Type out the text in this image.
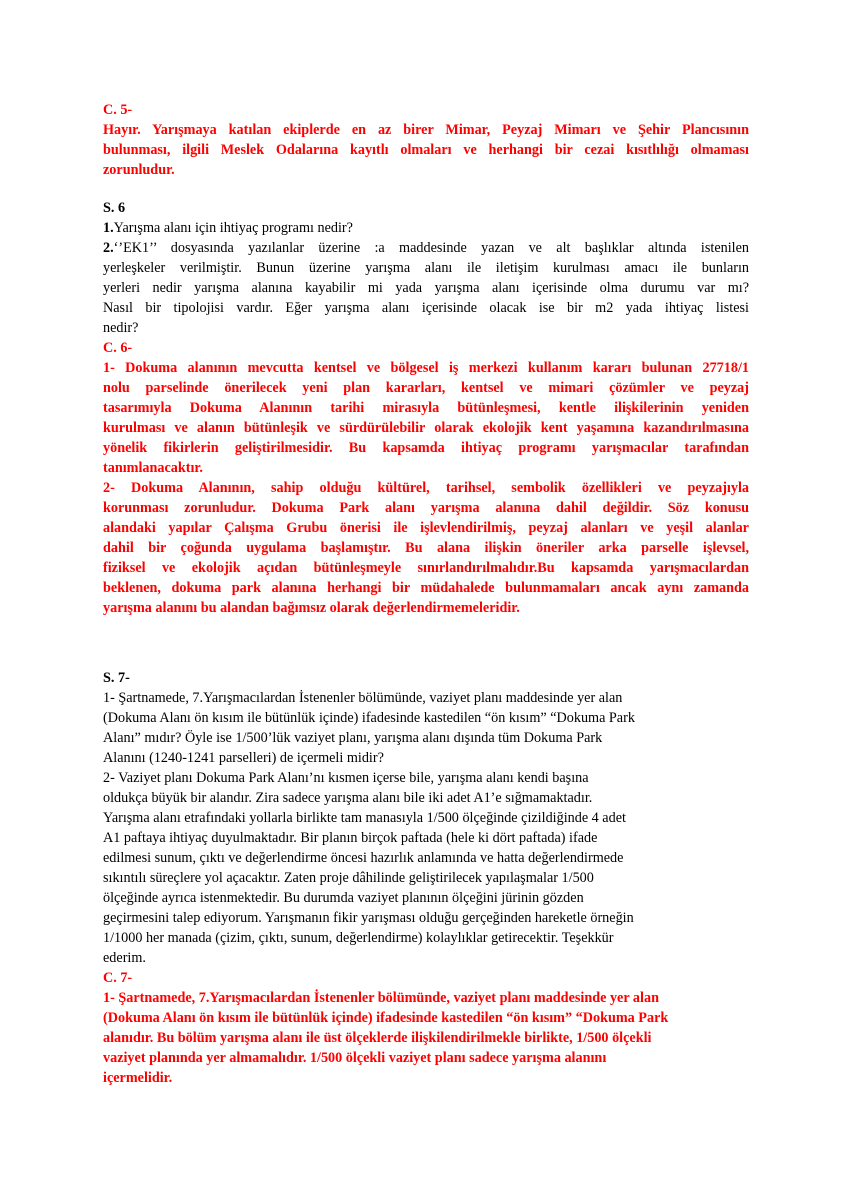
C. 5-
Hayır. Yarışmaya katılan ekiplerde en az birer Mimar, Peyzaj Mimarı ve Şehir Plancısının
bulunması, ilgili Meslek Odalarına kayıtlı olmaları ve herhangi bir cezai kısıtlılığı olmaması
zorunludur.
S. 6
1.Yarışma alanı için ihtiyaç programı nedir?
2.‘’EK1’’ dosyasında yazılanlar üzerine :a maddesinde yazan ve alt başlıklar altında istenilen
yerleşkeler verilmiştir. Bunun üzerine yarışma alanı ile iletişim kurulması amacı ile bunların
yerleri nedir yarışma alanına kayabilir mi yada yarışma alanı içerisinde olma durumu var mı?
Nasıl bir tipolojisi vardır. Eğer yarışma alanı içerisinde olacak ise bir m2 yada ihtiyaç listesi
nedir?
C. 6-
1- Dokuma alanının mevcutta kentsel ve bölgesel iş merkezi kullanım kararı bulunan 27718/1
nolu parselinde önerilecek yeni plan kararları, kentsel ve mimari çözümler ve peyzaj
tasarımıyla Dokuma Alanının tarihi mirasıyla bütünleşmesi, kentle ilişkilerinin yeniden
kurulması ve alanın bütünleşik ve sürdürülebilir olarak ekolojik kent yaşamına kazandırılmasına
yönelik fikirlerin geliştirilmesidir. Bu kapsamda ihtiyaç programı yarışmacılar tarafından
tanımlanacaktır.
2- Dokuma Alanının, sahip olduğu kültürel, tarihsel, sembolik özellikleri ve peyzajıyla
korunması zorunludur. Dokuma Park alanı yarışma alanına dahil değildir. Söz konusu
alandaki yapılar Çalışma Grubu önerisi ile işlevlendirilmiş, peyzaj alanları ve yeşil alanlar
dahil bir çoğunda uygulama başlamıştır. Bu alana ilişkin öneriler arka parselle işlevsel,
fiziksel ve ekolojik açıdan bütünleşmeyle sınırlandırılmalıdır.Bu kapsamda yarışmacılardan
beklenen, dokuma park alanına herhangi bir müdahalede bulunmamaları ancak aynı zamanda
yarışma alanını bu alandan bağımsız olarak değerlendirmemeleridir.
S. 7-
1- Şartnamede, 7.Yarışmacılardan İstenenler bölümünde, vaziyet planı maddesinde yer alan
(Dokuma Alanı ön kısım ile bütünlük içinde) ifadesinde kastedilen “ön kısım” “Dokuma Park
Alanı” mıdır? Öyle ise 1/500’lük vaziyet planı, yarışma alanı dışında tüm Dokuma Park
Alanını (1240-1241 parselleri) de içermeli midir?
2- Vaziyet planı Dokuma Park Alanı’nı kısmen içerse bile, yarışma alanı kendi başına
oldukça büyük bir alandır. Zira sadece yarışma alanı bile iki adet A1’e sığmamaktadır.
Yarışma alanı etrafındaki yollarla birlikte tam manasıyla 1/500 ölçeğinde çizildiğinde 4 adet
A1 paftaya ihtiyaç duyulmaktadır. Bir planın birçok paftada (hele ki dört paftada) ifade
edilmesi sunum, çıktı ve değerlendirme öncesi hazırlık anlamında ve hatta değerlendirmede
sıkıntılı süreçlere yol açacaktır. Zaten proje dâhilinde geliştirilecek yapılaşmalar 1/500
ölçeğinde ayrıca istenmektedir. Bu durumda vaziyet planının ölçeğini jürinin gözden
geçirmesini talep ediyorum. Yarışmanın fikir yarışması olduğu gerçeğinden hareketle örneğin
1/1000 her manada (çizim, çıktı, sunum, değerlendirme) kolaylıklar getirecektir. Teşekkür
ederim.
C. 7-
1- Şartnamede, 7.Yarışmacılardan İstenenler bölümünde, vaziyet planı maddesinde yer alan
(Dokuma Alanı ön kısım ile bütünlük içinde) ifadesinde kastedilen “ön kısım” “Dokuma Park
alanıdır. Bu bölüm yarışma alanı ile üst ölçeklerde ilişkilendirilmekle birlikte, 1/500 ölçekli
vaziyet planında yer almamalıdır. 1/500 ölçekli vaziyet planı sadece yarışma alanını
içermelidir.
